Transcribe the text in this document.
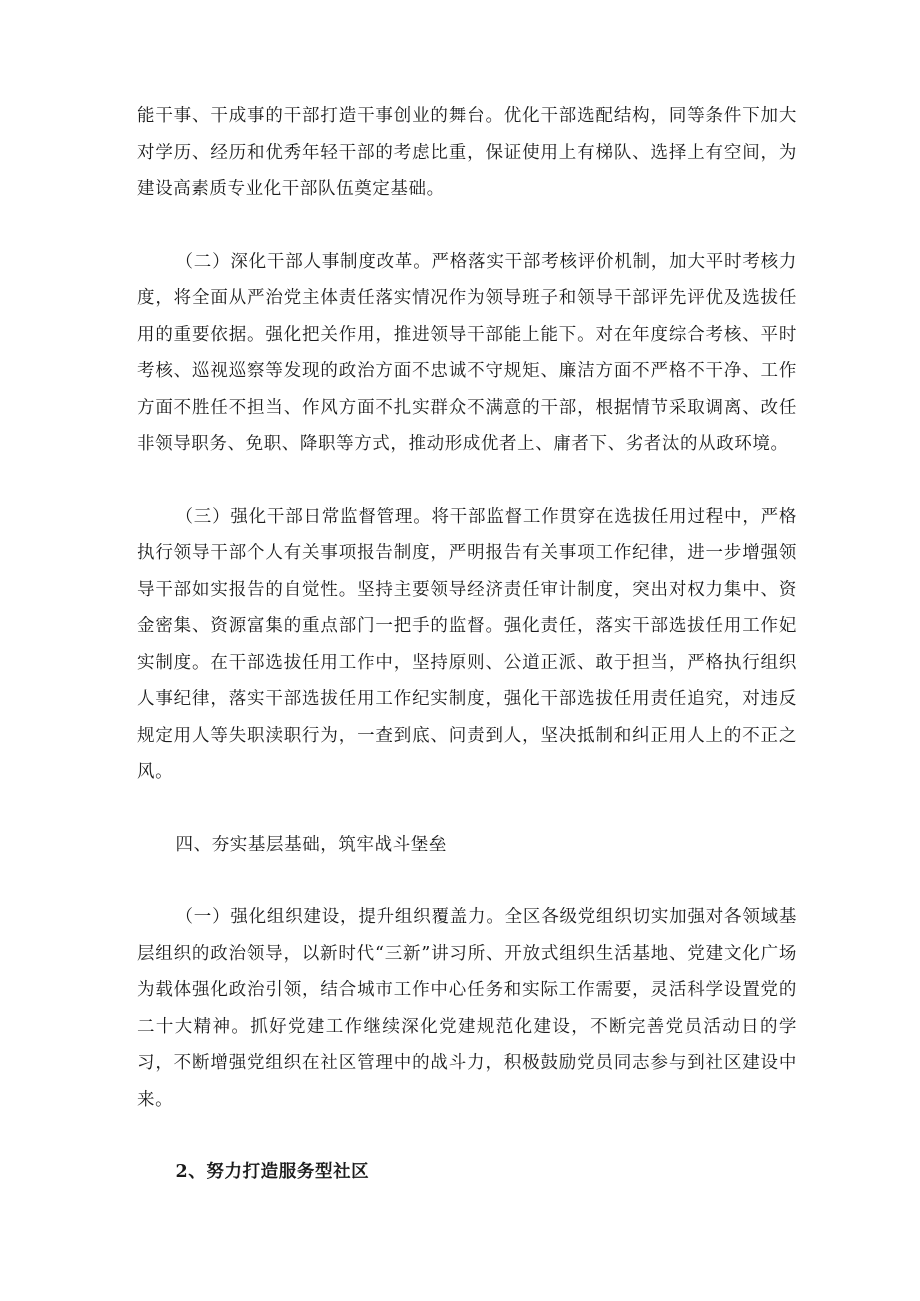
能干事、干成事的干部打造干事创业的舞台。优化干部选配结构，同等条件下加大对学历、经历和优秀年轻干部的考虑比重，保证使用上有梯队、选择上有空间，为建设高素质专业化干部队伍奠定基础。

（二）深化干部人事制度改革。严格落实干部考核评价机制，加大平时考核力度，将全面从严治党主体责任落实情况作为领导班子和领导干部评先评优及选拔任用的重要依据。强化把关作用，推进领导干部能上能下。对在年度综合考核、平时考核、巡视巡察等发现的政治方面不忠诚不守规矩、廉洁方面不严格不干净、工作方面不胜任不担当、作风方面不扎实群众不满意的干部，根据情节采取调离、改任非领导职务、免职、降职等方式，推动形成优者上、庸者下、劣者汰的从政环境。

（三）强化干部日常监督管理。将干部监督工作贯穿在选拔任用过程中，严格执行领导干部个人有关事项报告制度，严明报告有关事项工作纪律，进一步增强领导干部如实报告的自觉性。坚持主要领导经济责任审计制度，突出对权力集中、资金密集、资源富集的重点部门一把手的监督。强化责任，落实干部选拔任用工作妃实制度。在干部选拔任用工作中，坚持原则、公道正派、敢于担当，严格执行组织人事纪律，落实干部选拔任用工作纪实制度，强化干部选拔任用责任追究，对违反规定用人等失职渎职行为，一查到底、问责到人，坚决抵制和纠正用人上的不正之风。

四、夯实基层基础，筑牢战斗堡垒

（一）强化组织建设，提升组织覆盖力。全区各级党组织切实加强对各领域基层组织的政治领导，以新时代“三新”讲习所、开放式组织生活基地、党建文化广场为载体强化政治引领，结合城市工作中心任务和实际工作需要，灵活科学设置党的二十大精神。抓好党建工作继续深化党建规范化建设，不断完善党员活动日的学习，不断增强党组织在社区管理中的战斗力，积极鼓励党员同志参与到社区建设中来。

2、努力打造服务型社区
